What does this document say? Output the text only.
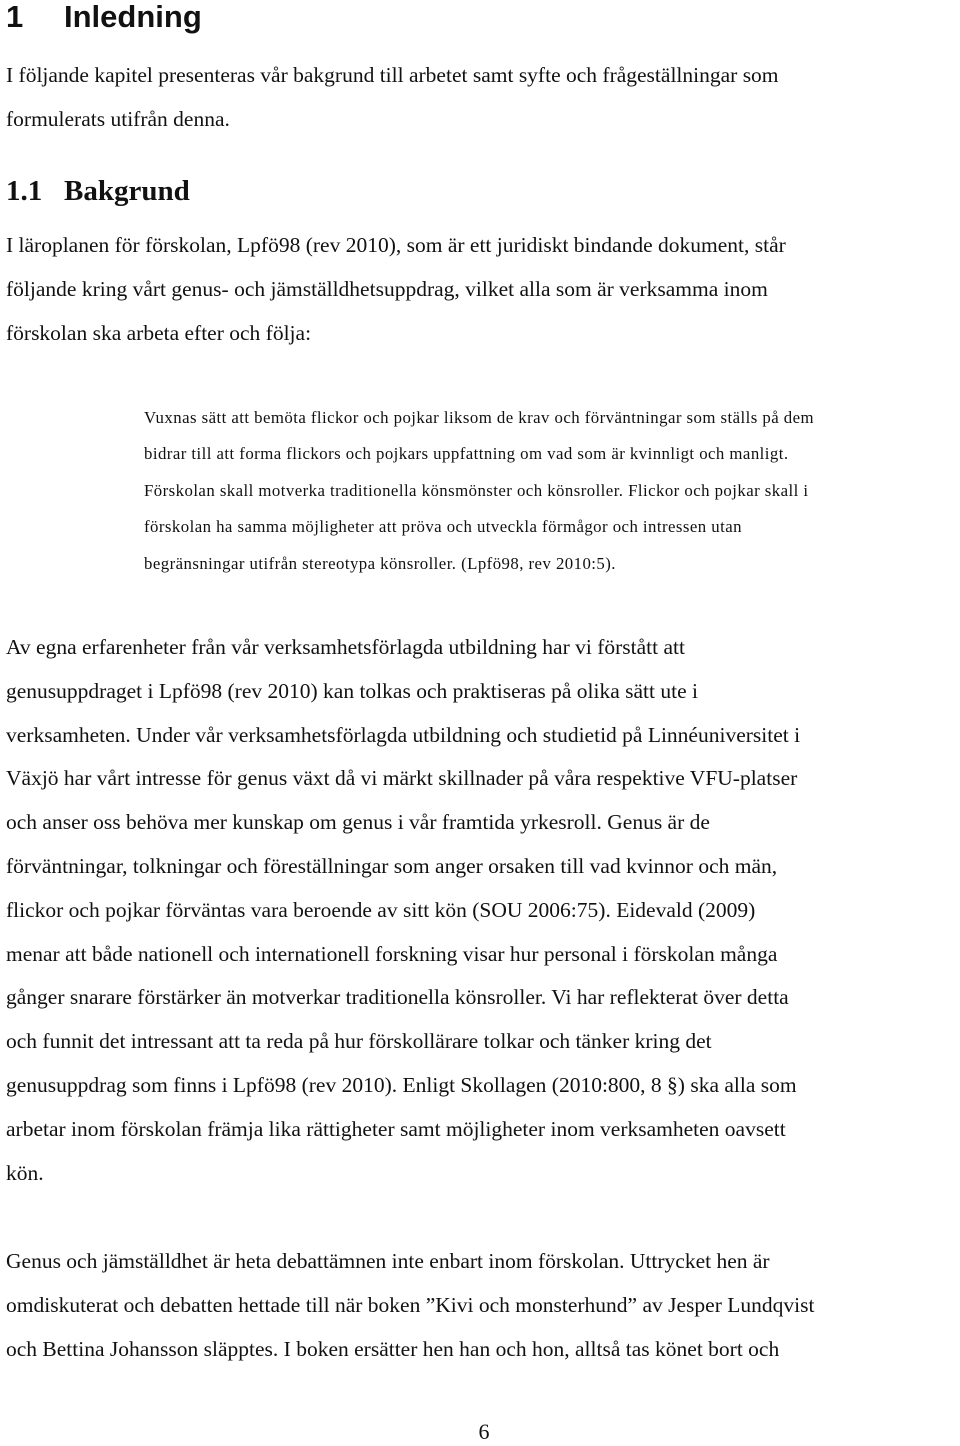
1 Inledning
I följande kapitel presenteras vår bakgrund till arbetet samt syfte och frågeställningar som
formulerats utifrån denna.
1.1 Bakgrund
I läroplanen för förskolan, Lpfö98 (rev 2010), som är ett juridiskt bindande dokument, står
följande kring vårt genus- och jämställdhetsuppdrag, vilket alla som är verksamma inom
förskolan ska arbeta efter och följa:
Vuxnas sätt att bemöta flickor och pojkar liksom de krav och förväntningar som ställs på dem
bidrar till att forma flickors och pojkars uppfattning om vad som är kvinnligt och manligt.
Förskolan skall motverka traditionella könsmönster och könsroller. Flickor och pojkar skall i
förskolan ha samma möjligheter att pröva och utveckla förmågor och intressen utan
begränsningar utifrån stereotypa könsroller. (Lpfö98, rev 2010:5).
Av egna erfarenheter från vår verksamhetsförlagda utbildning har vi förstått att
genusuppdraget i Lpfö98 (rev 2010) kan tolkas och praktiseras på olika sätt ute i
verksamheten. Under vår verksamhetsförlagda utbildning och studietid på Linnéuniversitet i
Växjö har vårt intresse för genus växt då vi märkt skillnader på våra respektive VFU-platser
och anser oss behöva mer kunskap om genus i vår framtida yrkesroll. Genus är de
förväntningar, tolkningar och föreställningar som anger orsaken till vad kvinnor och män,
flickor och pojkar förväntas vara beroende av sitt kön (SOU 2006:75). Eidevald (2009)
menar att både nationell och internationell forskning visar hur personal i förskolan många
gånger snarare förstärker än motverkar traditionella könsroller. Vi har reflekterat över detta
och funnit det intressant att ta reda på hur förskollärare tolkar och tänker kring det
genusuppdrag som finns i Lpfö98 (rev 2010). Enligt Skollagen (2010:800, 8 §) ska alla som
arbetar inom förskolan främja lika rättigheter samt möjligheter inom verksamheten oavsett
kön.
Genus och jämställdhet är heta debattämnen inte enbart inom förskolan. Uttrycket hen är
omdiskuterat och debatten hettade till när boken ”Kivi och monsterhund” av Jesper Lundqvist
och Bettina Johansson släpptes. I boken ersätter hen han och hon, alltså tas könet bort och
6
